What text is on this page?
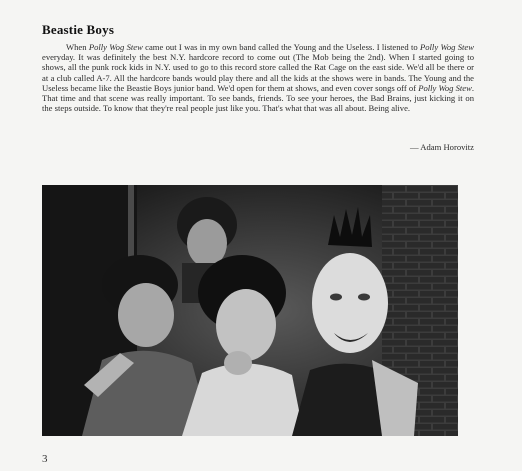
Beastie Boys

When Polly Wog Stew came out I was in my own band called the Young and the Useless. I listened to Polly Wog Stew everyday. It was definitely the best N.Y. hardcore record to come out (The Mob being the 2nd). When I started going to shows, all the punk rock kids in N.Y. used to go to this record store called the Rat Cage on the east side. We'd all be there or at a club called A-7. All the hardcore bands would play there and all the kids at the shows were in bands. The Young and the Useless became like the Beastie Boys junior band. We'd open for them at shows, and even cover songs off of Polly Wog Stew. That time and that scene was really important. To see bands, friends. To see your heroes, the Bad Brains, just kicking it on the steps outside. To know that they're real people just like you. That's what that was all about. Being alive.

— Adam Horovitz
3
